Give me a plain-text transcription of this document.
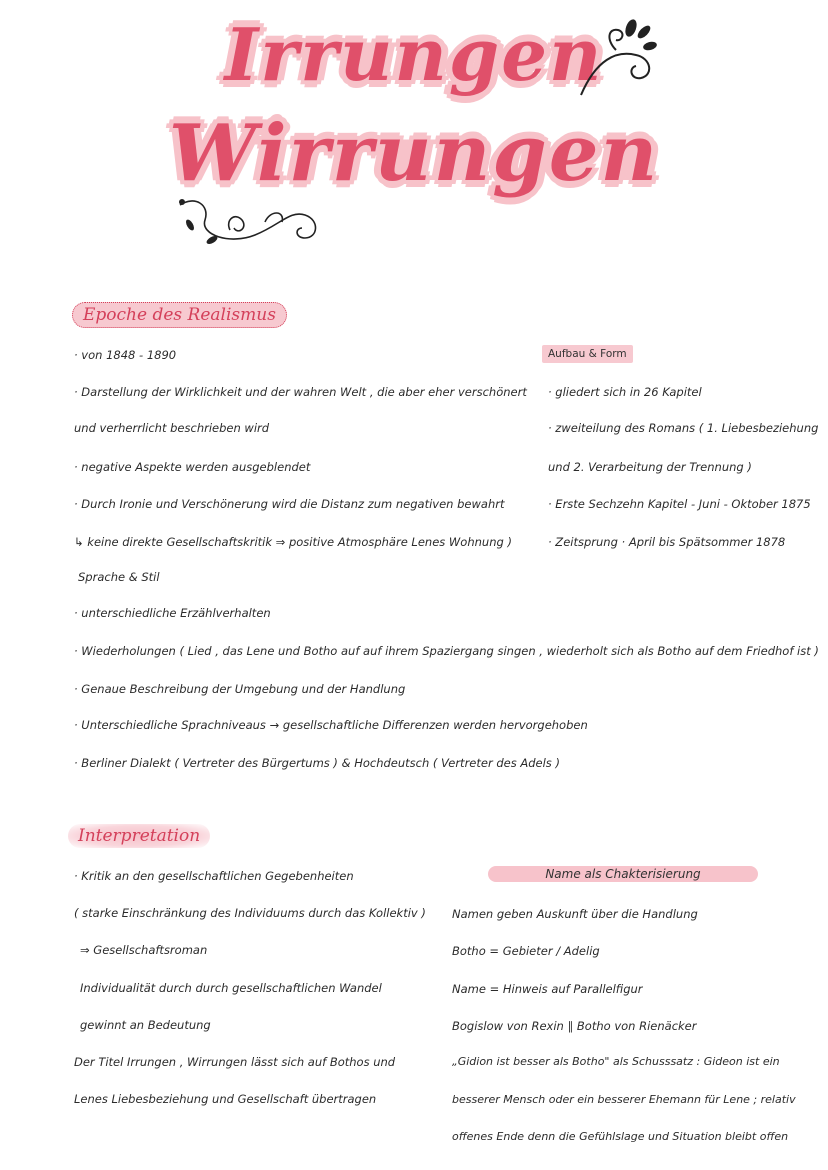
Irrungen
Wirrungen
Epoche des Realismus
· von 1848 - 1890
· Darstellung der Wirklichkeit und der wahren Welt , die aber eher verschönert
und verherrlicht beschrieben wird
· negative Aspekte werden ausgeblendet
· Durch Ironie und Verschönerung wird die Distanz zum negativen bewahrt
↳ keine direkte Gesellschaftskritik ⇒ positive Atmosphäre Lenes Wohnung )
Sprache & Stil
· unterschiedliche Erzählverhalten
· Wiederholungen ( Lied , das Lene und Botho auf auf ihrem Spaziergang singen , wiederholt sich als Botho auf dem Friedhof ist )
· Genaue Beschreibung der Umgebung und der Handlung
· Unterschiedliche Sprachniveaus → gesellschaftliche Differenzen werden hervorgehoben
· Berliner Dialekt ( Vertreter des Bürgertums ) & Hochdeutsch ( Vertreter des Adels )
Aufbau & Form
· gliedert sich in 26 Kapitel
· zweiteilung des Romans ( 1. Liebesbeziehung
und 2. Verarbeitung der Trennung )
· Erste Sechzehn Kapitel - Juni - Oktober 1875
· Zeitsprung · April bis Spätsommer 1878
Interpretation
· Kritik an den gesellschaftlichen Gegebenheiten
( starke Einschränkung des Individuums durch das Kollektiv )
⇒ Gesellschaftsroman
Individualität durch durch gesellschaftlichen Wandel
gewinnt an Bedeutung
Der Titel Irrungen , Wirrungen lässt sich auf Bothos und
Lenes Liebesbeziehung und Gesellschaft übertragen
Name als Chakterisierung
Namen geben Auskunft über die Handlung
Botho = Gebieter / Adelig
Name = Hinweis auf Parallelfigur
Bogislow von Rexin ∥ Botho von Rienäcker
„Gidion ist besser als Botho" als Schusssatz : Gideon ist ein
besserer Mensch oder ein besserer Ehemann für Lene ; relativ
offenes Ende denn die Gefühlslage und Situation bleibt offen
